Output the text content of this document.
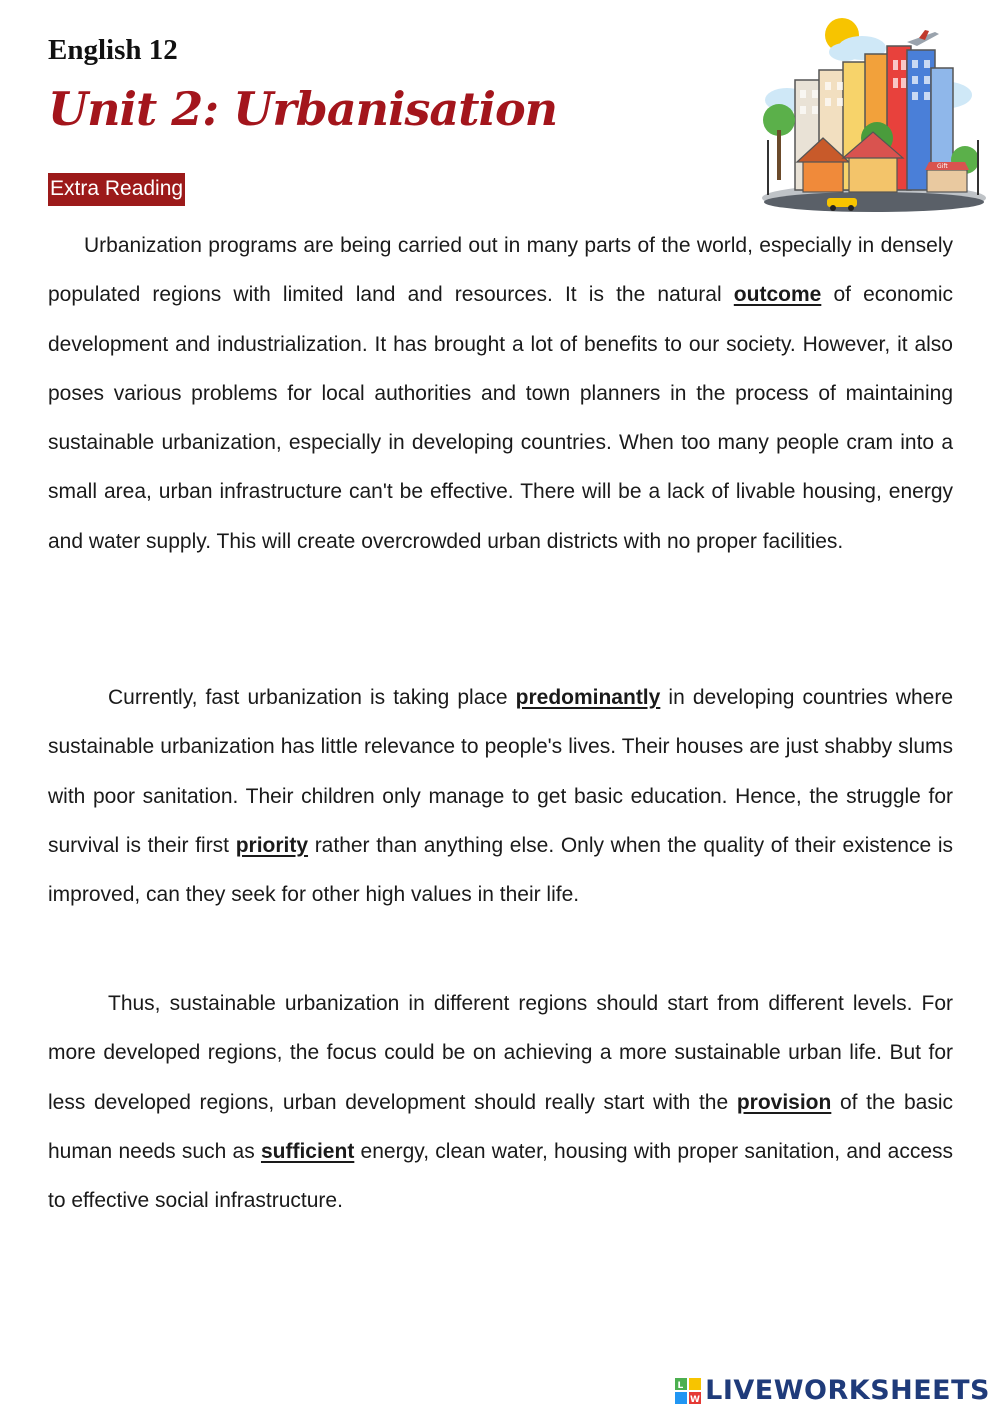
English 12
Unit 2: Urbanisation
Extra Reading
Gift

Urbanization programs are being carried out in many parts of the world, especially in densely populated regions with limited land and resources. It is the natural outcome of economic development and industrialization. It has brought a lot of benefits to our society. However, it also poses various problems for local authorities and town planners in the process of maintaining sustainable urbanization, especially in developing countries. When too many people cram into a small area, urban infrastructure can't be effective. There will be a lack of livable housing, energy and water supply. This will create overcrowded urban districts with no proper facilities.

Currently, fast urbanization is taking place predominantly in developing countries where sustainable urbanization has little relevance to people's lives. Their houses are just shabby slums with poor sanitation. Their children only manage to get basic education. Hence, the struggle for survival is their first priority rather than anything else. Only when the quality of their existence is improved, can they seek for other high values in their life.

Thus, sustainable urbanization in different regions should start from different levels. For more developed regions, the focus could be on achieving a more sustainable urban life. But for less developed regions, urban development should really start with the provision of the basic human needs such as sufficient energy, clean water, housing with proper sanitation, and access to effective social infrastructure.

L
W LIVEWORKSHEETS
